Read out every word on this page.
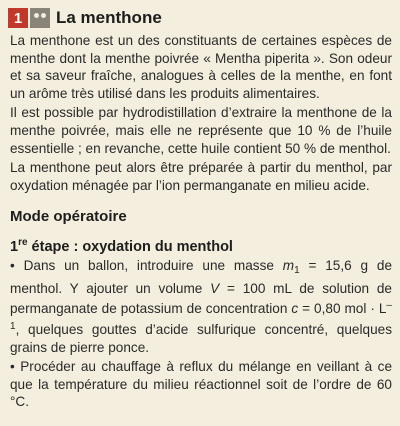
1	La menthone
La menthone est un des constituants de certaines espèces de menthe dont la menthe poivrée « Mentha piperita ». Son odeur et sa saveur fraîche, analogues à celles de la menthe, en font un arôme très utilisé dans les produits alimentaires.
Il est possible par hydrodistillation d’extraire la menthone de la menthe poivrée, mais elle ne représente que 10 % de l’huile essentielle ; en revanche, cette huile contient 50 % de menthol.
La menthone peut alors être préparée à partir du menthol, par oxydation ménagée par l’ion permanganate en milieu acide.
Mode opératoire
1re étape : oxydation du menthol
• Dans un ballon, introduire une masse $m_1 = 15,6$ g de menthol. Y ajouter un volume V = 100 mL de solution de permanganate de potassium de concentration c = 0,80 mol · $L^{- 1}$, quelques gouttes d’acide sulfurique concentré, quelques grains de pierre ponce.
• Procéder au chauffage à reflux du mélange en veillant à ce que la température du milieu réactionnel soit de l’ordre de 60 °C.
